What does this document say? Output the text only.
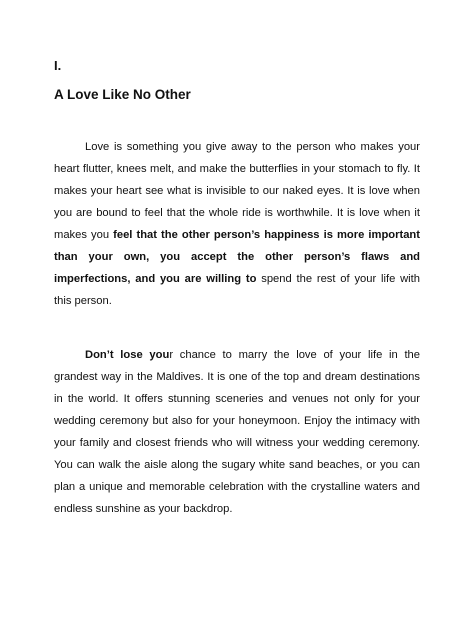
I.

A Love Like No Other

Love is something you give away to the person who makes your heart flutter, knees melt, and make the butterflies in your stomach to fly. It makes your heart see what is invisible to our naked eyes. It is love when you are bound to feel that the whole ride is worthwhile. It is love when it makes you feel that the other person’s happiness is more important than your own, you accept the other person’s flaws and imperfections, and you are willing to spend the rest of your life with this person.

Don’t lose your chance to marry the love of your life in the grandest way in the Maldives. It is one of the top and dream destinations in the world. It offers stunning sceneries and venues not only for your wedding ceremony but also for your honeymoon. Enjoy the intimacy with your family and closest friends who will witness your wedding ceremony. You can walk the aisle along the sugary white sand beaches, or you can plan a unique and memorable celebration with the crystalline waters and endless sunshine as your backdrop.
